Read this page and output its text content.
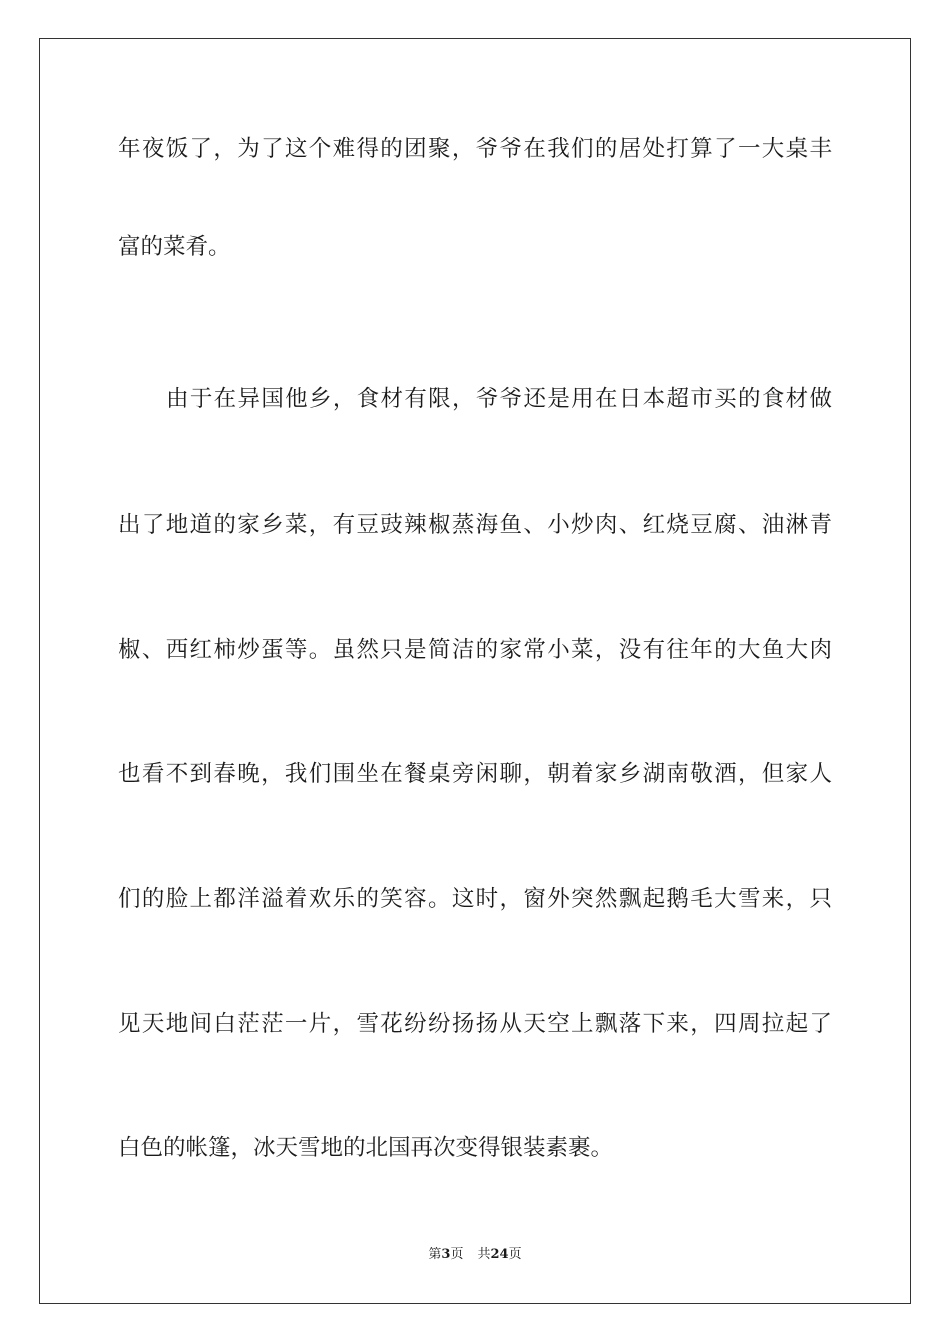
年夜饭了，为了这个难得的团聚，爷爷在我们的居处打算了一大桌丰
富的菜肴。
由于在异国他乡，食材有限，爷爷还是用在日本超市买的食材做
出了地道的家乡菜，有豆豉辣椒蒸海鱼、小炒肉、红烧豆腐、油淋青
椒、西红柿炒蛋等。虽然只是简洁的家常小菜，没有往年的大鱼大肉
也看不到春晚，我们围坐在餐桌旁闲聊，朝着家乡湖南敬酒，但家人
们的脸上都洋溢着欢乐的笑容。这时，窗外突然飘起鹅毛大雪来，只
见天地间白茫茫一片，雪花纷纷扬扬从天空上飘落下来，四周拉起了
白色的帐篷，冰天雪地的北国再次变得银装素裹。
第3页 共24页
